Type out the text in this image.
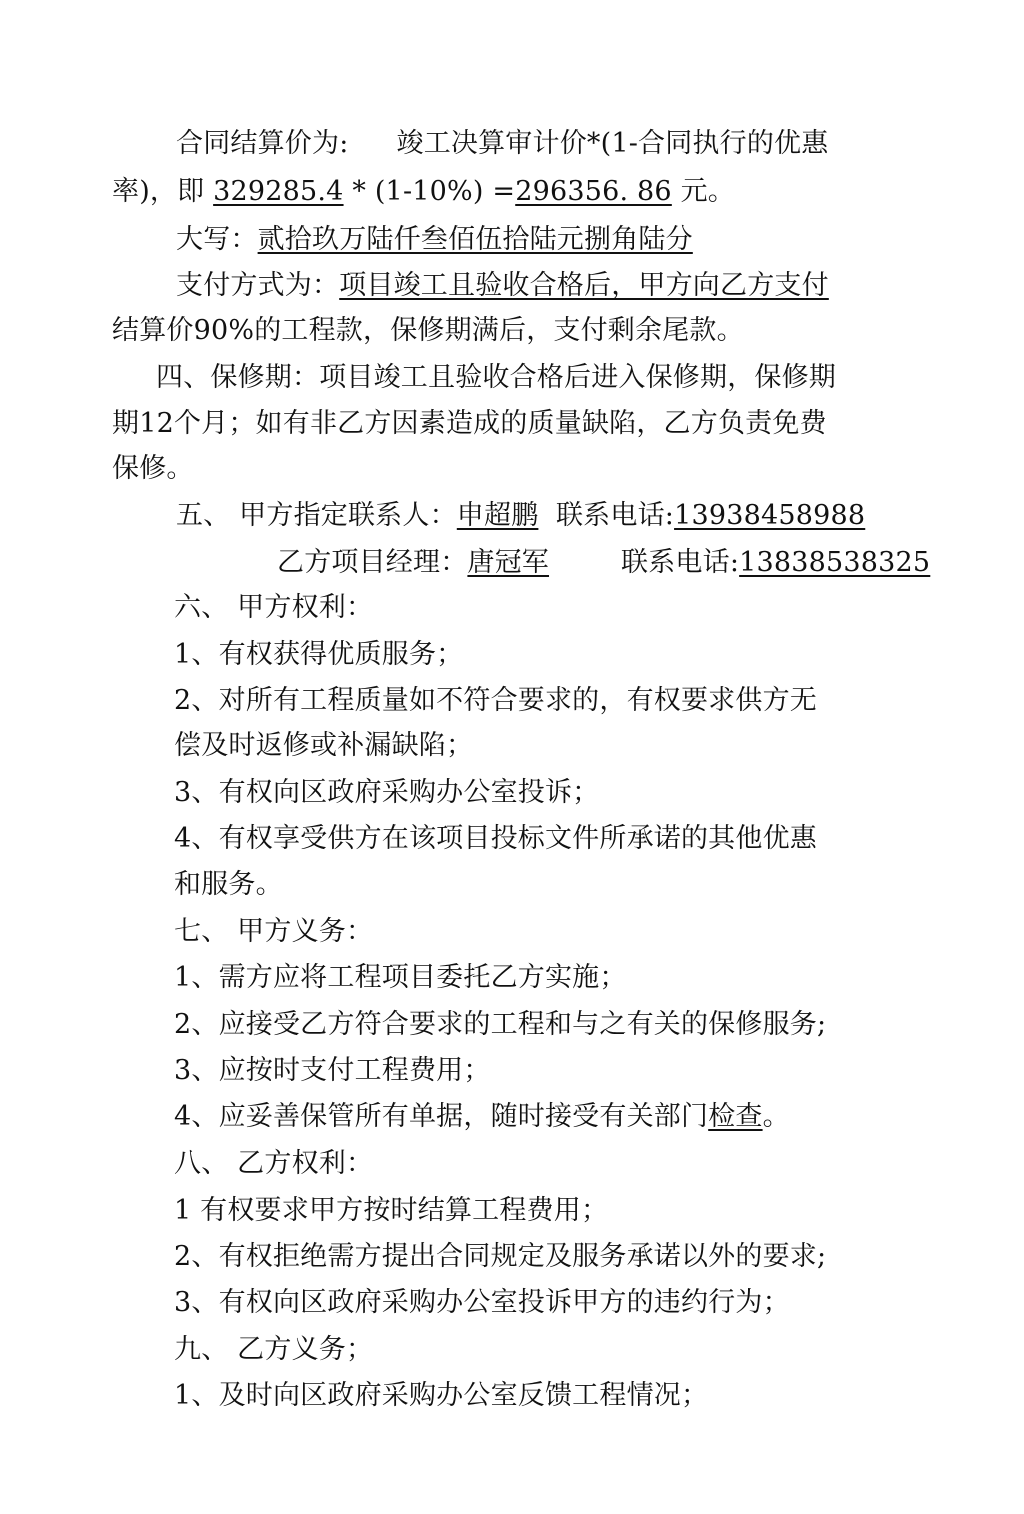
合同结算价为: 竣工决算审计价*(1-合同执行的优惠
率)，即 329285.4 * (1-10%) =296356. 86 元。
大写：贰拾玖万陆仟叁佰伍拾陆元捌角陆分
支付方式为：项目竣工且验收合格后，甲方向乙方支付
结算价90%的工程款，保修期满后，支付剩余尾款。
四、保修期：项目竣工且验收合格后进入保修期，保修期
期12个月；如有非乙方因素造成的质量缺陷，乙方负责免费
保修。
五、 甲方指定联系人：申超鹏  联系电话:13938458988
乙方项目经理：唐冠军	联系电话:13838538325
六、 甲方权利：
1、有权获得优质服务；
2、对所有工程质量如不符合要求的，有权要求供方无
偿及时返修或补漏缺陷；
3、有权向区政府采购办公室投诉；
4、有权享受供方在该项目投标文件所承诺的其他优惠
和服务。
七、 甲方义务：
1、需方应将工程项目委托乙方实施；
2、应接受乙方符合要求的工程和与之有关的保修服务;
3、应按时支付工程费用；
4、应妥善保管所有单据，随时接受有关部门检查。
八、 乙方权利：
1 有权要求甲方按时结算工程费用；
2、有权拒绝需方提出合同规定及服务承诺以外的要求;
3、有权向区政府采购办公室投诉甲方的违约行为；
九、 乙方义务；
1、及时向区政府采购办公室反馈工程情况；
